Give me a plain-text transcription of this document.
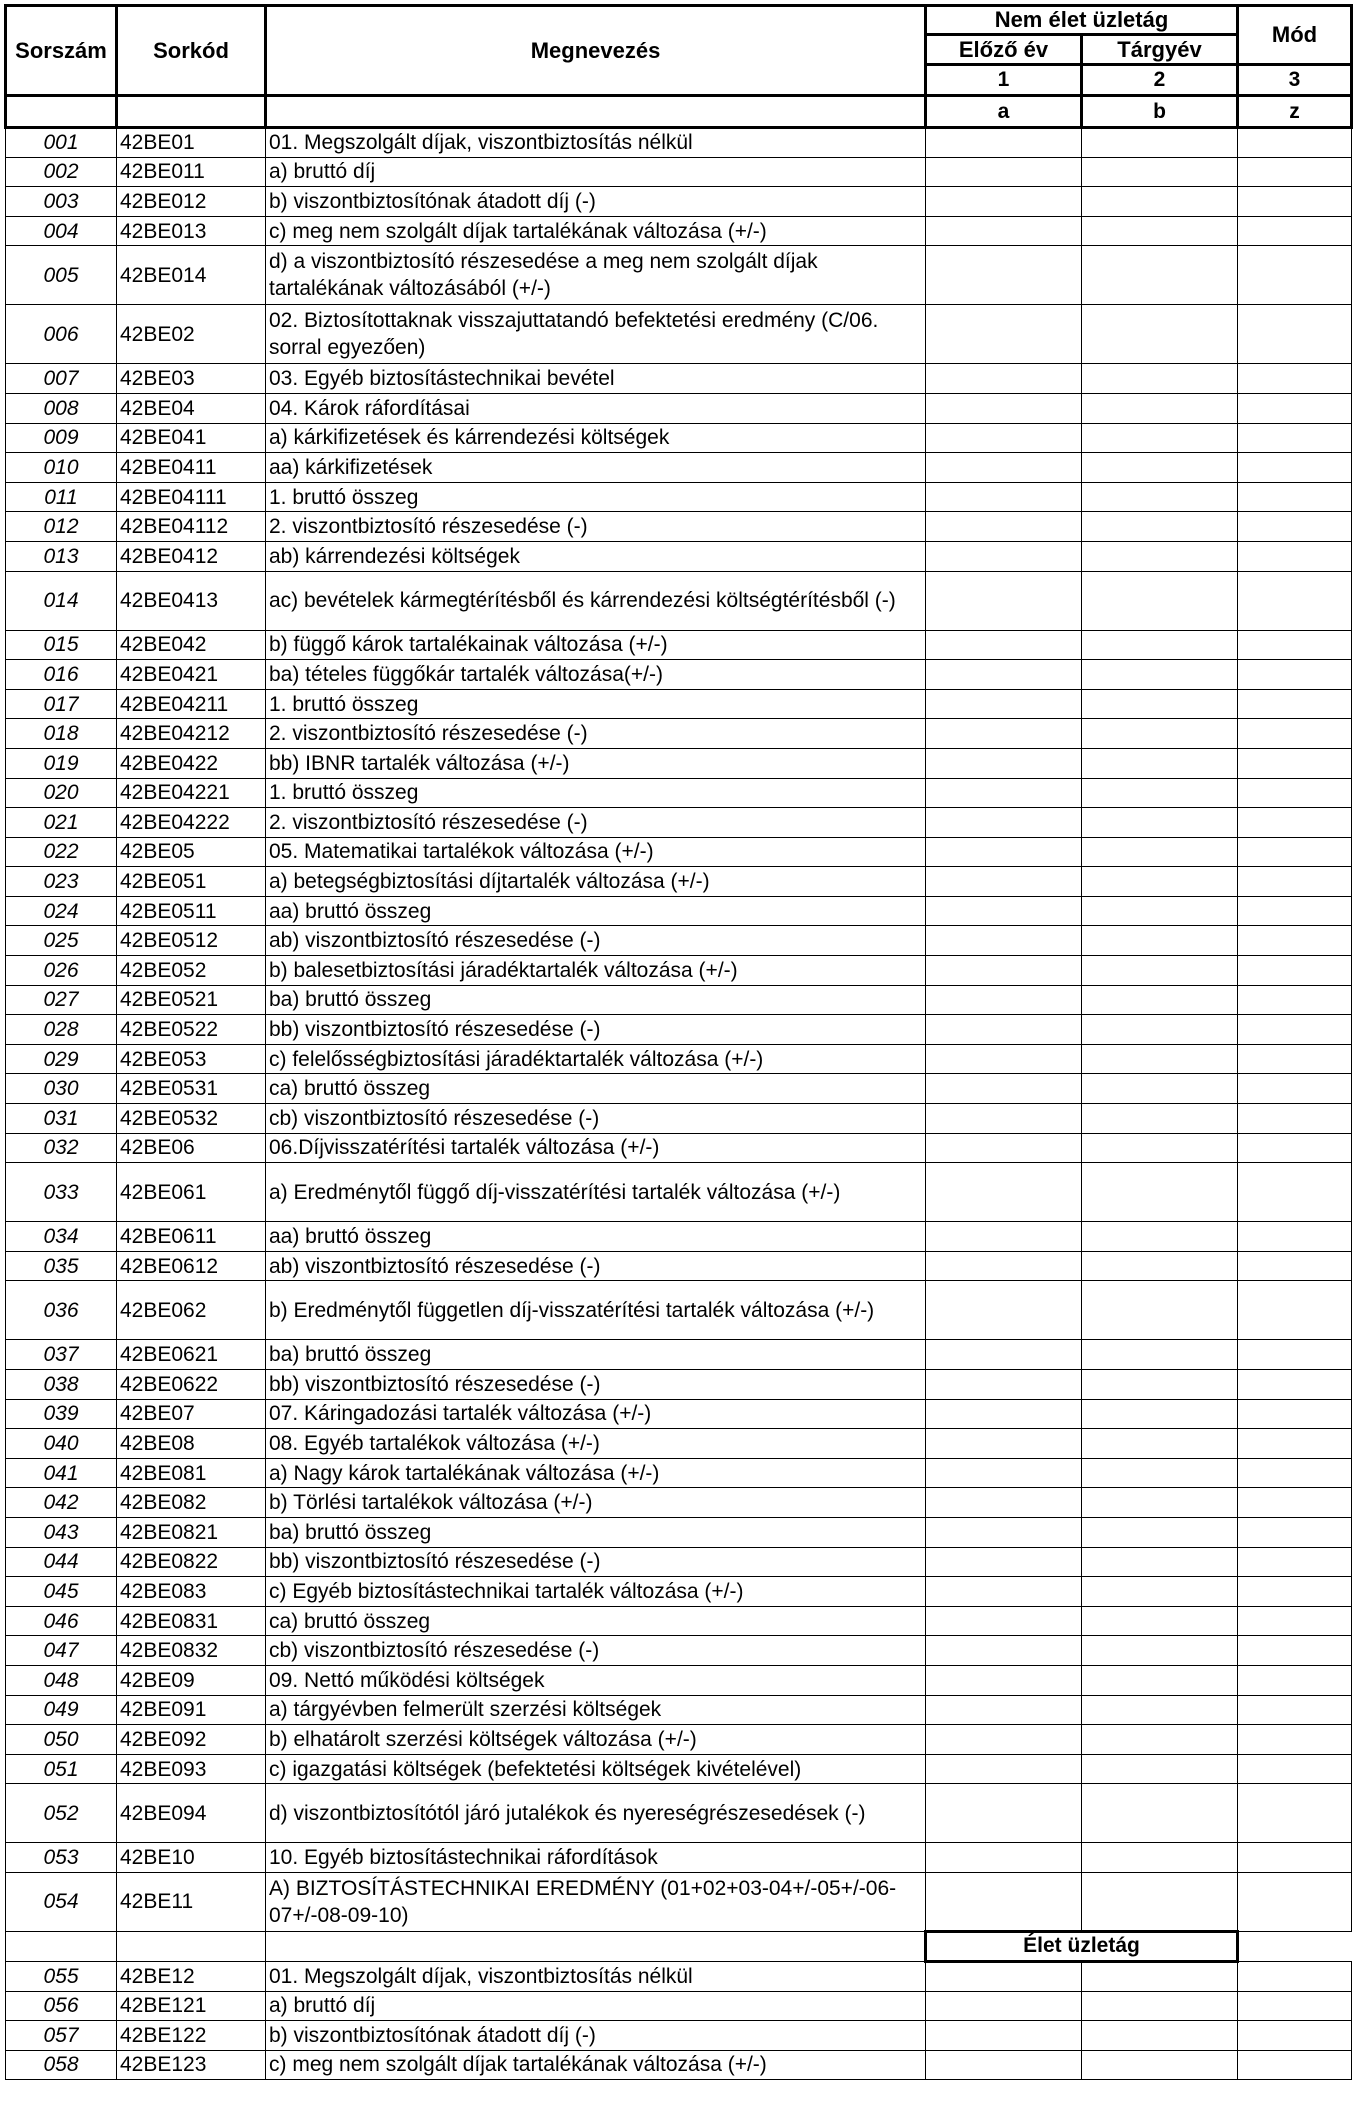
Sorszám	Sorkód	Megnevezés	Nem élet üzletág		Mód
			Előző év	Tárgyév	
			1	2	3
			a	b	z
001	42BE01	01. Megszolgált díjak, viszontbiztosítás nélkül			
002	42BE011	a) bruttó díj			
003	42BE012	b) viszontbiztosítónak átadott díj (-)			
004	42BE013	c) meg nem szolgált díjak tartalékának változása (+/-)			
005	42BE014	d) a viszontbiztosító részesedése a meg nem szolgált díjak tartalékának változásából (+/-)			
006	42BE02	02. Biztosítottaknak visszajuttatandó befektetési eredmény (C/06. sorral egyezően)			
007	42BE03	03. Egyéb biztosítástechnikai bevétel			
008	42BE04	04. Károk ráfordításai			
009	42BE041	a) kárkifizetések és kárrendezési költségek			
010	42BE0411	aa) kárkifizetések			
011	42BE04111	1. bruttó összeg			
012	42BE04112	2. viszontbiztosító részesedése (-)			
013	42BE0412	ab) kárrendezési költségek			
014	42BE0413	ac) bevételek kármegtérítésből és kárrendezési költségtérítésből (-)			
015	42BE042	b) függő károk tartalékainak változása (+/-)			
016	42BE0421	ba) tételes függőkár tartalék változása(+/-)			
017	42BE04211	1. bruttó összeg			
018	42BE04212	2. viszontbiztosító részesedése (-)			
019	42BE0422	bb) IBNR tartalék változása (+/-)			
020	42BE04221	1. bruttó összeg			
021	42BE04222	2. viszontbiztosító részesedése (-)			
022	42BE05	05. Matematikai tartalékok változása (+/-)			
023	42BE051	a) betegségbiztosítási díjtartalék változása (+/-)			
024	42BE0511	aa) bruttó összeg			
025	42BE0512	ab) viszontbiztosító részesedése (-)			
026	42BE052	b) balesetbiztosítási járadéktartalék változása (+/-)			
027	42BE0521	ba) bruttó összeg			
028	42BE0522	bb) viszontbiztosító részesedése (-)			
029	42BE053	c) felelősségbiztosítási járadéktartalék változása (+/-)			
030	42BE0531	ca) bruttó összeg			
031	42BE0532	cb) viszontbiztosító részesedése (-)			
032	42BE06	06.Díjvisszatérítési tartalék változása (+/-)			
033	42BE061	a) Eredménytől függő díj-visszatérítési tartalék változása (+/-)			
034	42BE0611	aa) bruttó összeg			
035	42BE0612	ab) viszontbiztosító részesedése (-)			
036	42BE062	b) Eredménytől független díj-visszatérítési tartalék változása (+/-)			
037	42BE0621	ba) bruttó összeg			
038	42BE0622	bb) viszontbiztosító részesedése (-)			
039	42BE07	07. Káringadozási tartalék változása (+/-)			
040	42BE08	08. Egyéb tartalékok változása (+/-)			
041	42BE081	a) Nagy károk tartalékának változása (+/-)			
042	42BE082	b) Törlési tartalékok változása (+/-)			
043	42BE0821	ba) bruttó összeg			
044	42BE0822	bb) viszontbiztosító részesedése (-)			
045	42BE083	c) Egyéb biztosítástechnikai tartalék változása (+/-)			
046	42BE0831	ca) bruttó összeg			
047	42BE0832	cb) viszontbiztosító részesedése (-)			
048	42BE09	09. Nettó működési költségek			
049	42BE091	a) tárgyévben felmerült szerzési költségek			
050	42BE092	b) elhatárolt szerzési költségek változása (+/-)			
051	42BE093	c) igazgatási költségek (befektetési költségek kivételével)			
052	42BE094	d) viszontbiztosítótól járó jutalékok és nyereségrészesedések (-)			
053	42BE10	10. Egyéb biztosítástechnikai ráfordítások			
054	42BE11	A) BIZTOSÍTÁSTECHNIKAI EREDMÉNY (01+02+03-04+/-05+/-06-07+/-08-09-10)			
			Élet üzletág		
055	42BE12	01. Megszolgált díjak, viszontbiztosítás nélkül			
056	42BE121	a) bruttó díj			
057	42BE122	b) viszontbiztosítónak átadott díj (-)			
058	42BE123	c) meg nem szolgált díjak tartalékának változása (+/-)			
